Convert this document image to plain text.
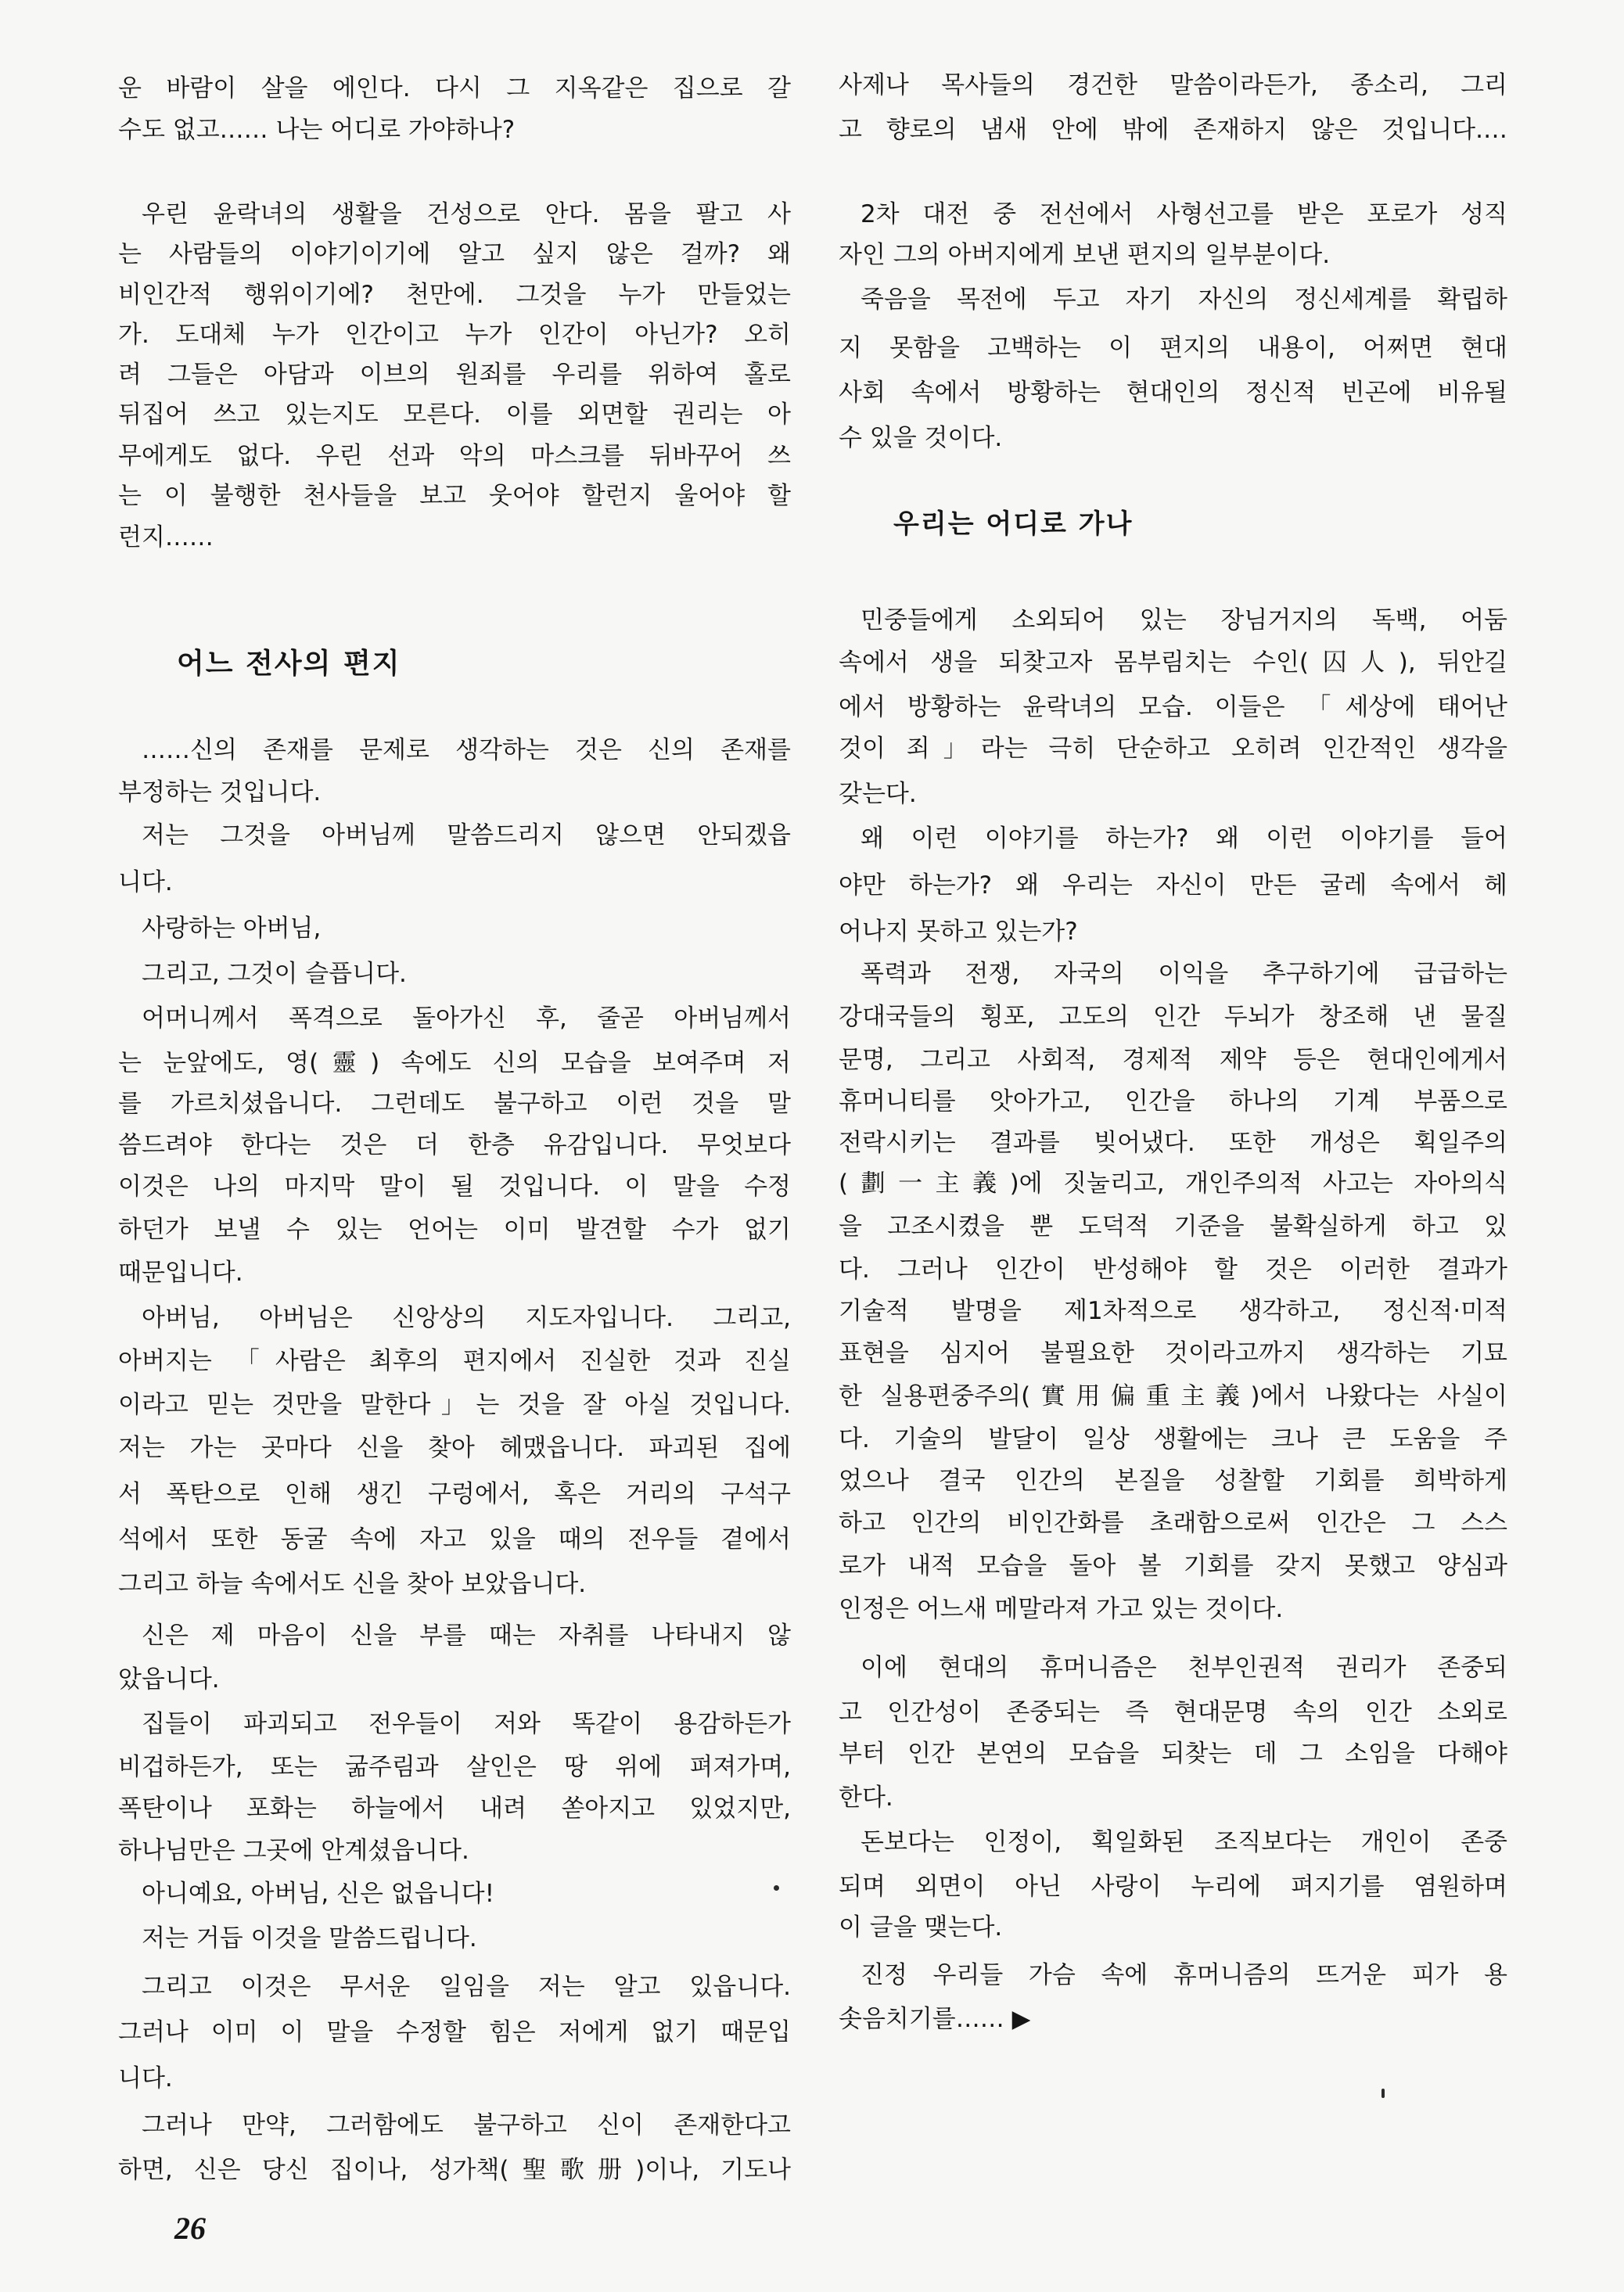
운 바람이 살을 에인다. 다시 그 지옥같은 집으로 갈
수도 없고…… 나는 어디로 가야하나?
우린 윤락녀의 생활을 건성으로 안다. 몸을 팔고 사
는 사람들의 이야기이기에 알고 싶지 않은 걸까? 왜
비인간적 행위이기에? 천만에. 그것을 누가 만들었는
가. 도대체 누가 인간이고 누가 인간이 아닌가? 오히
려 그들은 아담과 이브의 원죄를 우리를 위하여 홀로
뒤집어 쓰고 있는지도 모른다. 이를 외면할 권리는 아
무에게도 없다. 우린 선과 악의 마스크를 뒤바꾸어 쓰
는 이 불행한 천사들을 보고 웃어야 할런지 울어야 할
런지……
어느 전사의 편지
……신의 존재를 문제로 생각하는 것은 신의 존재를
부정하는 것입니다.
저는 그것을 아버님께 말씀드리지 않으면 안되겠읍
니다.
사랑하는 아버님,
그리고, 그것이 슬픕니다.
어머니께서 폭격으로 돌아가신 후, 줄곧 아버님께서
는 눈앞에도, 영(靈) 속에도 신의 모습을 보여주며 저
를 가르치셨읍니다. 그런데도 불구하고 이런 것을 말
씀드려야 한다는 것은 더 한층 유감입니다. 무엇보다
이것은 나의 마지막 말이 될 것입니다. 이 말을 수정
하던가 보낼 수 있는 언어는 이미 발견할 수가 없기
때문입니다.
아버님, 아버님은 신앙상의 지도자입니다. 그리고,
아버지는 「사람은 최후의 편지에서 진실한 것과 진실
이라고 믿는 것만을 말한다」는 것을 잘 아실 것입니다.
저는 가는 곳마다 신을 찾아 헤맸읍니다. 파괴된 집에
서 폭탄으로 인해 생긴 구렁에서, 혹은 거리의 구석구
석에서 또한 동굴 속에 자고 있을 때의 전우들 곁에서
그리고 하늘 속에서도 신을 찾아 보았읍니다.
신은 제 마음이 신을 부를 때는 자취를 나타내지 않
았읍니다.
집들이 파괴되고 전우들이 저와 똑같이 용감하든가
비겁하든가, 또는 굶주림과 살인은 땅 위에 펴져가며,
폭탄이나 포화는 하늘에서 내려 쏟아지고 있었지만,
하나님만은 그곳에 안계셨읍니다.
아니예요, 아버님, 신은 없읍니다!
저는 거듭 이것을 말씀드립니다.
그리고 이것은 무서운 일임을 저는 알고 있읍니다.
그러나 이미 이 말을 수정할 힘은 저에게 없기 때문입
니다.
그러나 만약, 그러함에도 불구하고 신이 존재한다고
하면, 신은 당신 집이나, 성가책(聖歌册)이나, 기도나
26
사제나 목사들의 경건한 말씀이라든가, 종소리, 그리
고 향로의 냄새 안에 밖에 존재하지 않은 것입니다.…
2차 대전 중 전선에서 사형선고를 받은 포로가 성직
자인 그의 아버지에게 보낸 편지의 일부분이다.
죽음을 목전에 두고 자기 자신의 정신세계를 확립하
지 못함을 고백하는 이 편지의 내용이, 어쩌면 현대
사회 속에서 방황하는 현대인의 정신적 빈곤에 비유될
수 있을 것이다.
우리는 어디로 가나
민중들에게 소외되어 있는 장님거지의 독백, 어둠
속에서 생을 되찾고자 몸부림치는 수인(囚人), 뒤안길
에서 방황하는 윤락녀의 모습. 이들은 「세상에 태어난
것이 죄」라는 극히 단순하고 오히려 인간적인 생각을
갖는다.
왜 이런 이야기를 하는가? 왜 이런 이야기를 들어
야만 하는가? 왜 우리는 자신이 만든 굴레 속에서 헤
어나지 못하고 있는가?
폭력과 전쟁, 자국의 이익을 추구하기에 급급하는
강대국들의 횡포, 고도의 인간 두뇌가 창조해 낸 물질
문명, 그리고 사회적, 경제적 제약 등은 현대인에게서
휴머니티를 앗아가고, 인간을 하나의 기계 부품으로
전락시키는 결과를 빚어냈다. 또한 개성은 획일주의
(劃一主義)에 짓눌리고, 개인주의적 사고는 자아의식
을 고조시켰을 뿐 도덕적 기준을 불확실하게 하고 있
다. 그러나 인간이 반성해야 할 것은 이러한 결과가
기술적 발명을 제1차적으로 생각하고, 정신적·미적
표현을 심지어 불필요한 것이라고까지 생각하는 기묘
한 실용편중주의(實用偏重主義)에서 나왔다는 사실이
다. 기술의 발달이 일상 생활에는 크나 큰 도움을 주
었으나 결국 인간의 본질을 성찰할 기회를 희박하게
하고 인간의 비인간화를 초래함으로써 인간은 그 스스
로가 내적 모습을 돌아 볼 기회를 갖지 못했고 양심과
인정은 어느새 메말라져 가고 있는 것이다.
이에 현대의 휴머니즘은 천부인권적 권리가 존중되
고 인간성이 존중되는 즉 현대문명 속의 인간 소외로
부터 인간 본연의 모습을 되찾는 데 그 소임을 다해야
한다.
돈보다는 인정이, 획일화된 조직보다는 개인이 존중
되며 외면이 아닌 사랑이 누리에 펴지기를 염원하며
이 글을 맺는다.
진정 우리들 가슴 속에 휴머니즘의 뜨거운 피가 용
솟음치기를…… ▶
